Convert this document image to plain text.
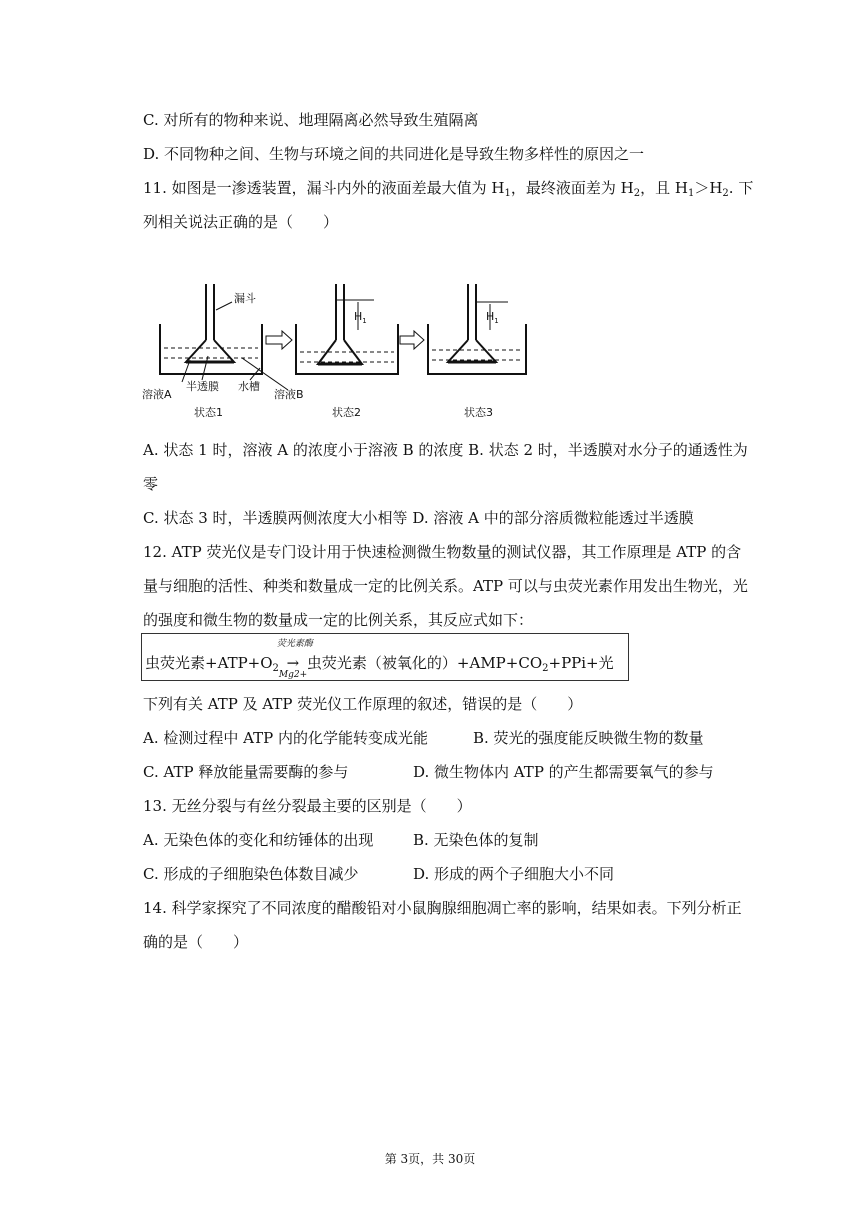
C. 对所有的物种来说、地理隔离必然导致生殖隔离
D. 不同物种之间、生物与环境之间的共同进化是导致生物多样性的原因之一
11. 如图是一渗透装置，漏斗内外的液面差最大值为 $H_1$，最终液面差为 $H_2$，且 $H_1>H_2$. 下
列相关说法正确的是（　　）
漏斗
溶液A
半透膜 水槽
溶液B
$H_1$	$H_1$
状态1	状态2	状态3
A. 状态 1 时，溶液 A 的浓度小于溶液 B 的浓度 B. 状态 2 时，半透膜对水分子的通透性为
零
C. 状态 3 时，半透膜两侧浓度大小相等 D. 溶液 A 中的部分溶质微粒能透过半透膜
12. ATP 荧光仪是专门设计用于快速检测微生物数量的测试仪器，其工作原理是 ATP 的含
量与细胞的活性、种类和数量成一定的比例关系。ATP 可以与虫荧光素作用发出生物光，光
的强度和微生物的数量成一定的比例关系，其反应式如下：
虫荧光素$+ATP+O_2$
荧光素酶
→
Mg2+
虫荧光素（被氧化的）$+AMP+CO_2+PPi+$光
下列有关 ATP 及 ATP 荧光仪工作原理的叙述，错误的是（　　）
A. 检测过程中 ATP 内的化学能转变成光能	B. 荧光的强度能反映微生物的数量
C. ATP 释放能量需要酶的参与	D. 微生物体内 ATP 的产生都需要氧气的参与
13. 无丝分裂与有丝分裂最主要的区别是（　　）
A. 无染色体的变化和纺锤体的出现	B. 无染色体的复制
C. 形成的子细胞染色体数目减少	D. 形成的两个子细胞大小不同
14. 科学家探究了不同浓度的醋酸铅对小鼠胸腺细胞凋亡率的影响，结果如表。下列分析正
确的是（　　）
第 3页，共 30页
